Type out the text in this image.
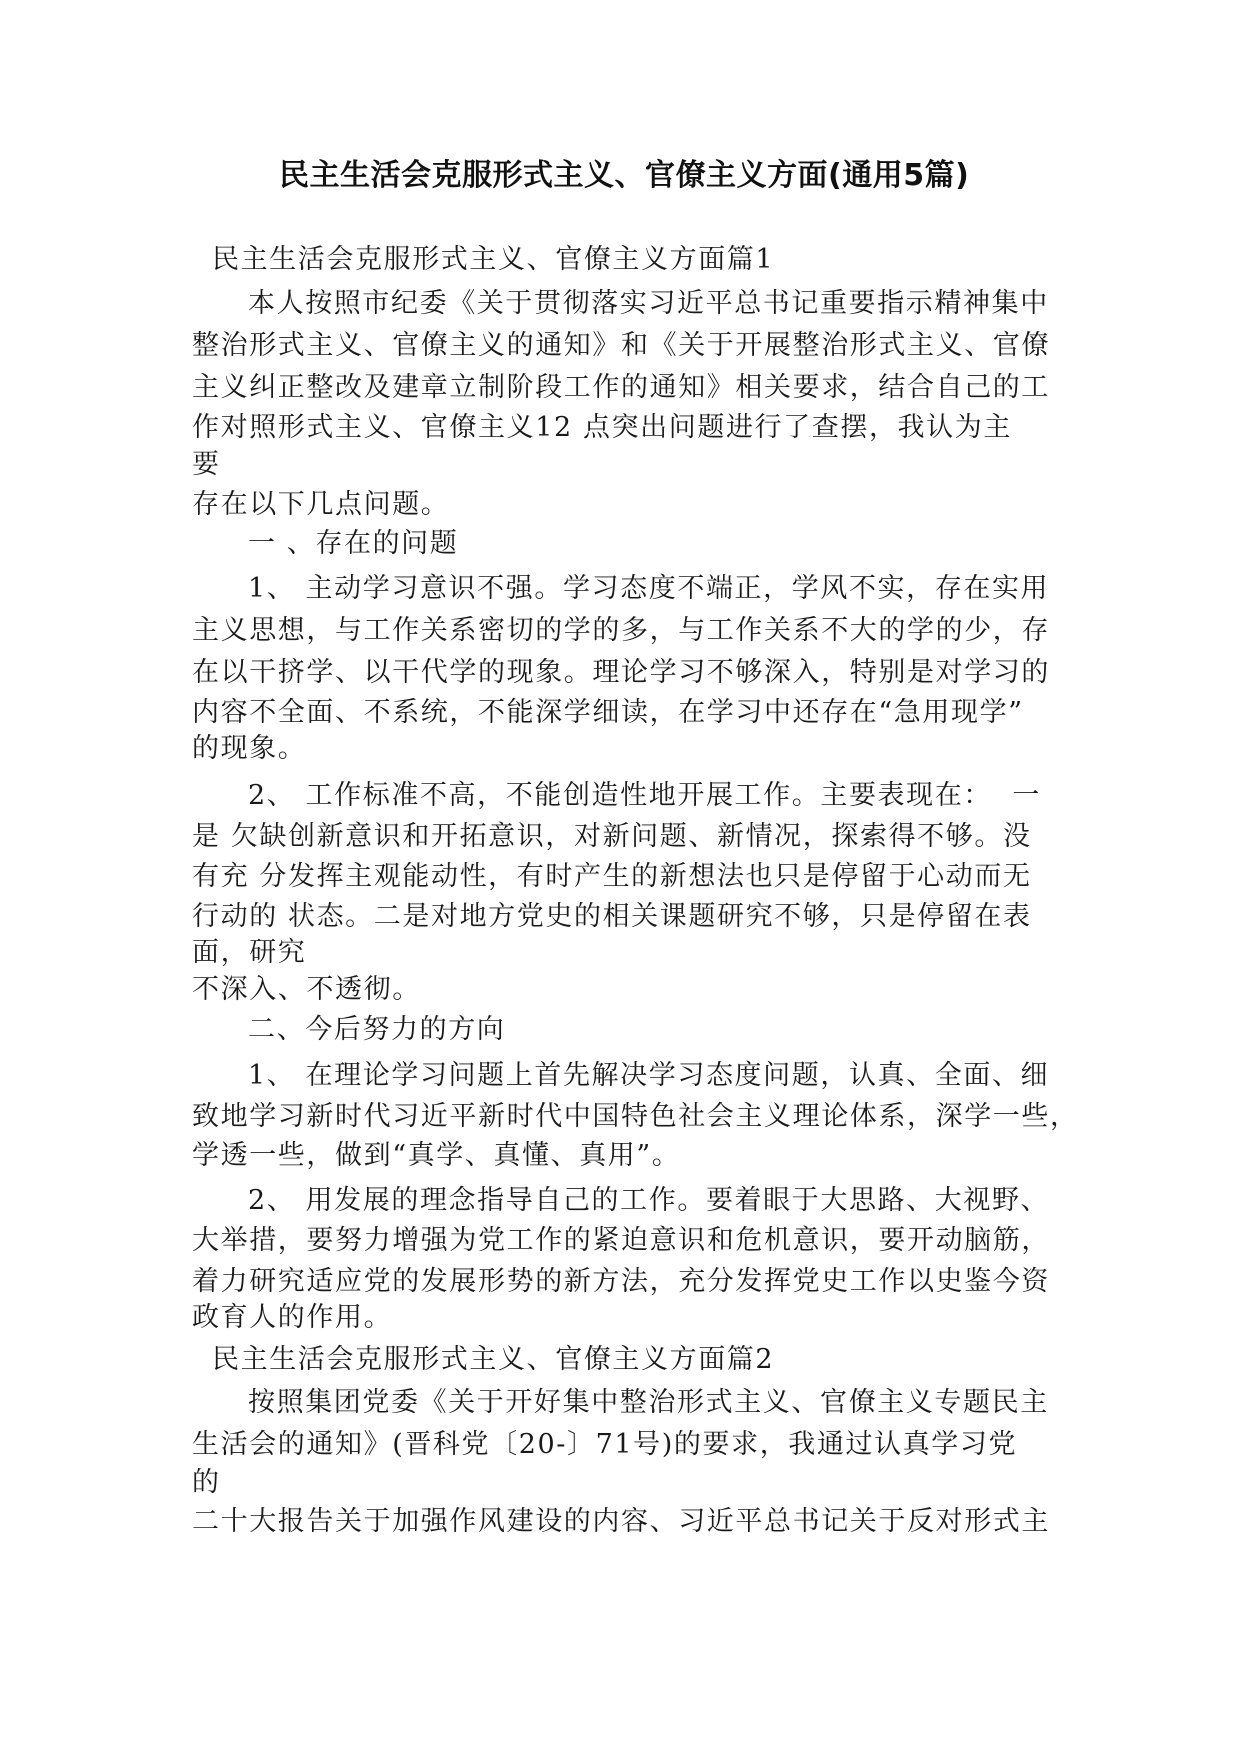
民主生活会克服形式主义、官僚主义方面(通用5篇)
民主生活会克服形式主义、官僚主义方面篇1
本人按照市纪委《关于贯彻落实习近平总书记重要指示精神集中
整治形式主义、官僚主义的通知》和《关于开展整治形式主义、官僚
主义纠正整改及建章立制阶段工作的通知》相关要求，结合自己的工
作对照形式主义、官僚主义12 点突出问题进行了查摆，我认为主
要
存在以下几点问题。
一 、存在的问题
1、 主动学习意识不强。学习态度不端正，学风不实，存在实用
主义思想，与工作关系密切的学的多，与工作关系不大的学的少，存
在以干挤学、以干代学的现象。理论学习不够深入，特别是对学习的
内容不全面、不系统，不能深学细读，在学习中还存在“急用现学”
的现象。
2、 工作标准不高，不能创造性地开展工作。主要表现在：  一
是 欠缺创新意识和开拓意识，对新问题、新情况，探索得不够。没
有充 分发挥主观能动性，有时产生的新想法也只是停留于心动而无
行动的 状态。二是对地方党史的相关课题研究不够，只是停留在表
面，研究
不深入、不透彻。
二、今后努力的方向
1、 在理论学习问题上首先解决学习态度问题，认真、全面、细
致地学习新时代习近平新时代中国特色社会主义理论体系，深学一些，
学透一些，做到“真学、真懂、真用”。
2、 用发展的理念指导自己的工作。要着眼于大思路、大视野、
大举措，要努力增强为党工作的紧迫意识和危机意识，要开动脑筋，
着力研究适应党的发展形势的新方法，充分发挥党史工作以史鉴今资
政育人的作用。
民主生活会克服形式主义、官僚主义方面篇2
按照集团党委《关于开好集中整治形式主义、官僚主义专题民主
生活会的通知》(晋科党〔20-〕71号)的要求，我通过认真学习党
的
二十大报告关于加强作风建设的内容、习近平总书记关于反对形式主
